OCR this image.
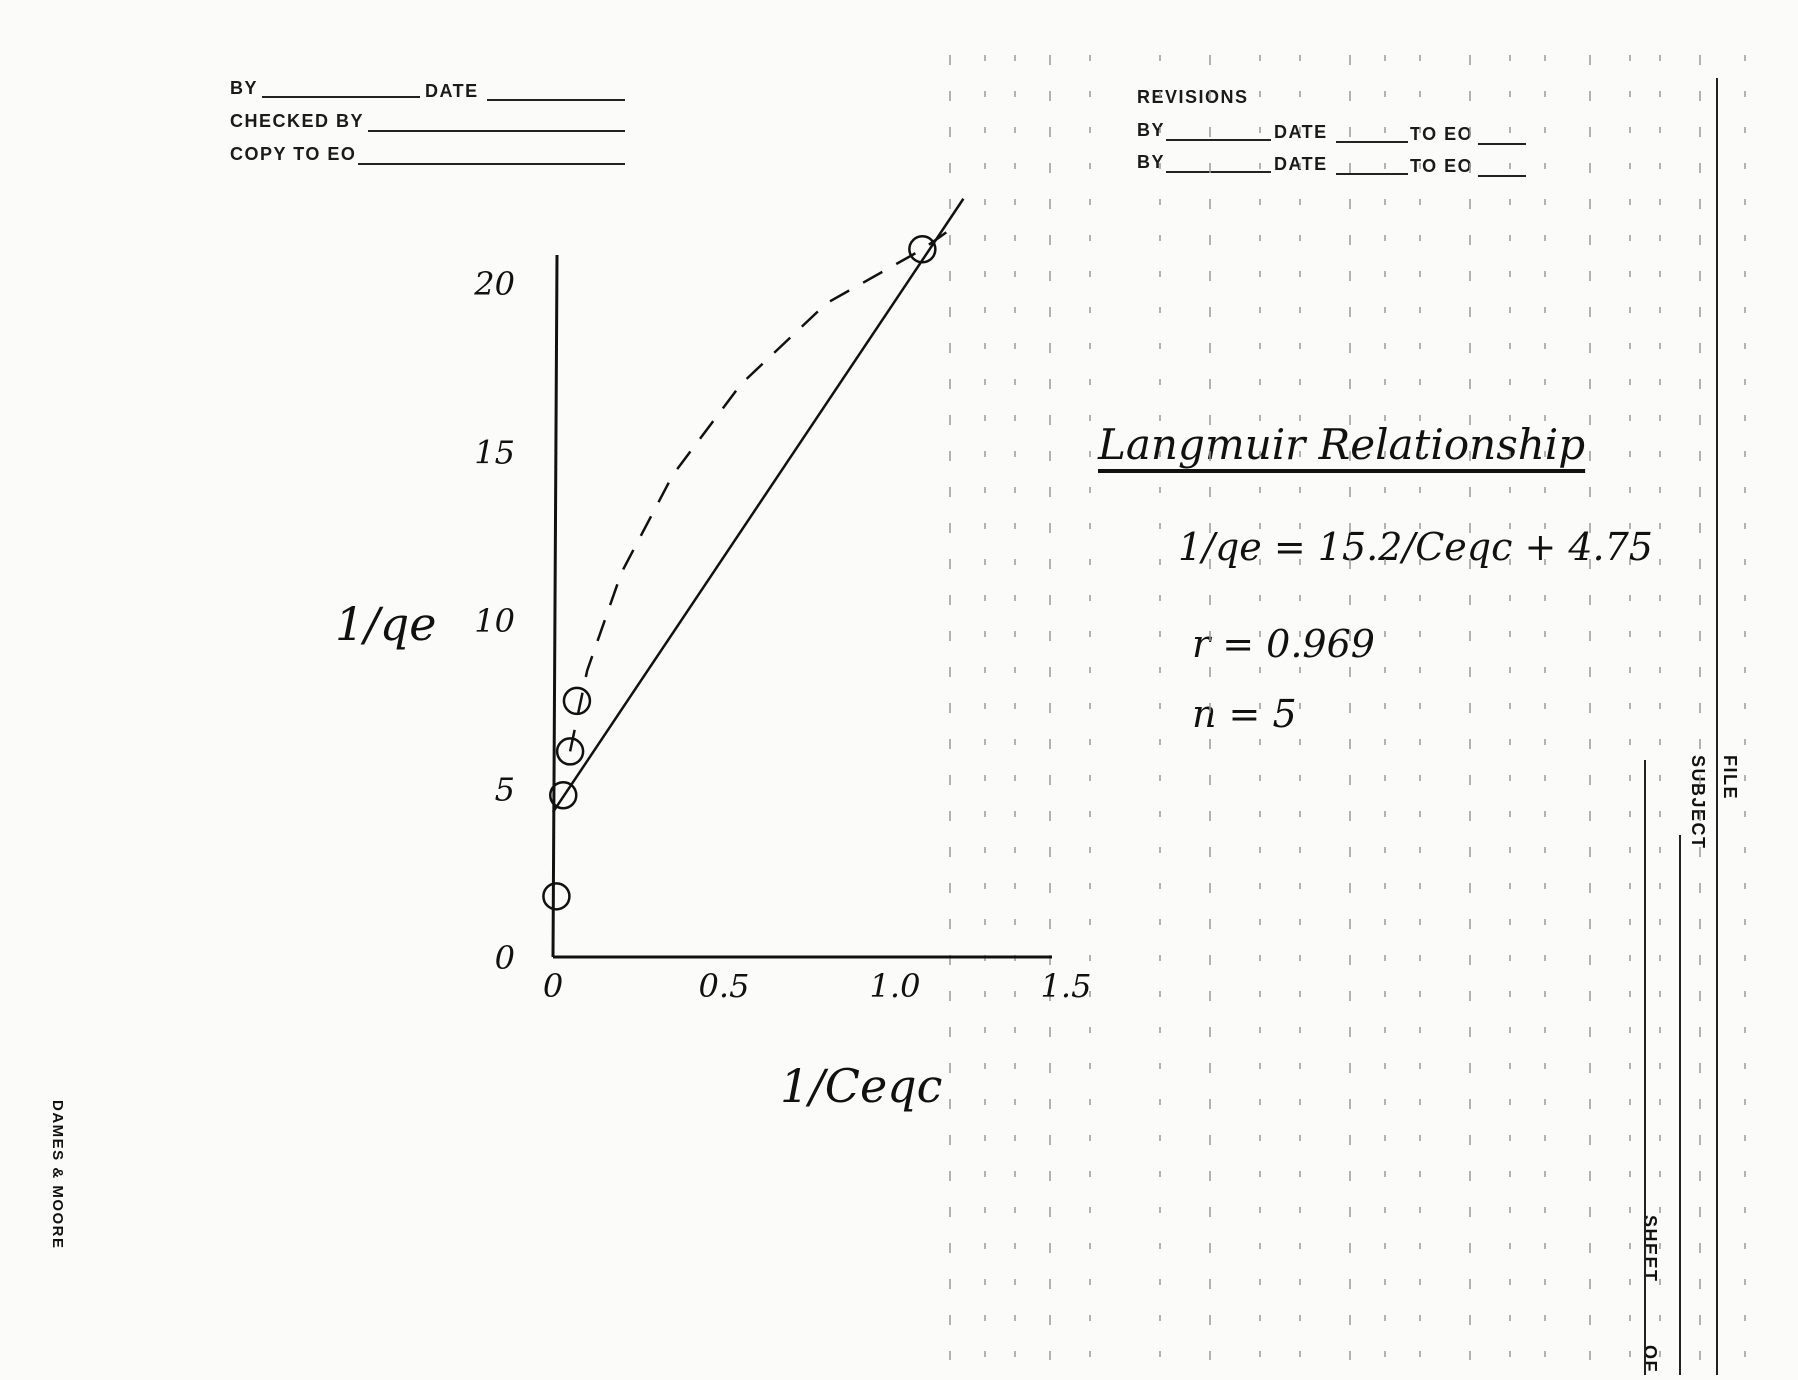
BY	DATE
CHECKED BY
COPY TO EO
REVISIONS
BY	DATE	TO EO
BY	DATE	TO EO
FILE
SUBJECT
SHEET
OF
DAMES & MOORE
Langmuir Relationship
1/qe = 15.2/Ceqc + 4.75
r = 0.969
n = 5
0	0.5	1.0	1.5
0
5
10
15
20
1/Ceqc
1/qe
